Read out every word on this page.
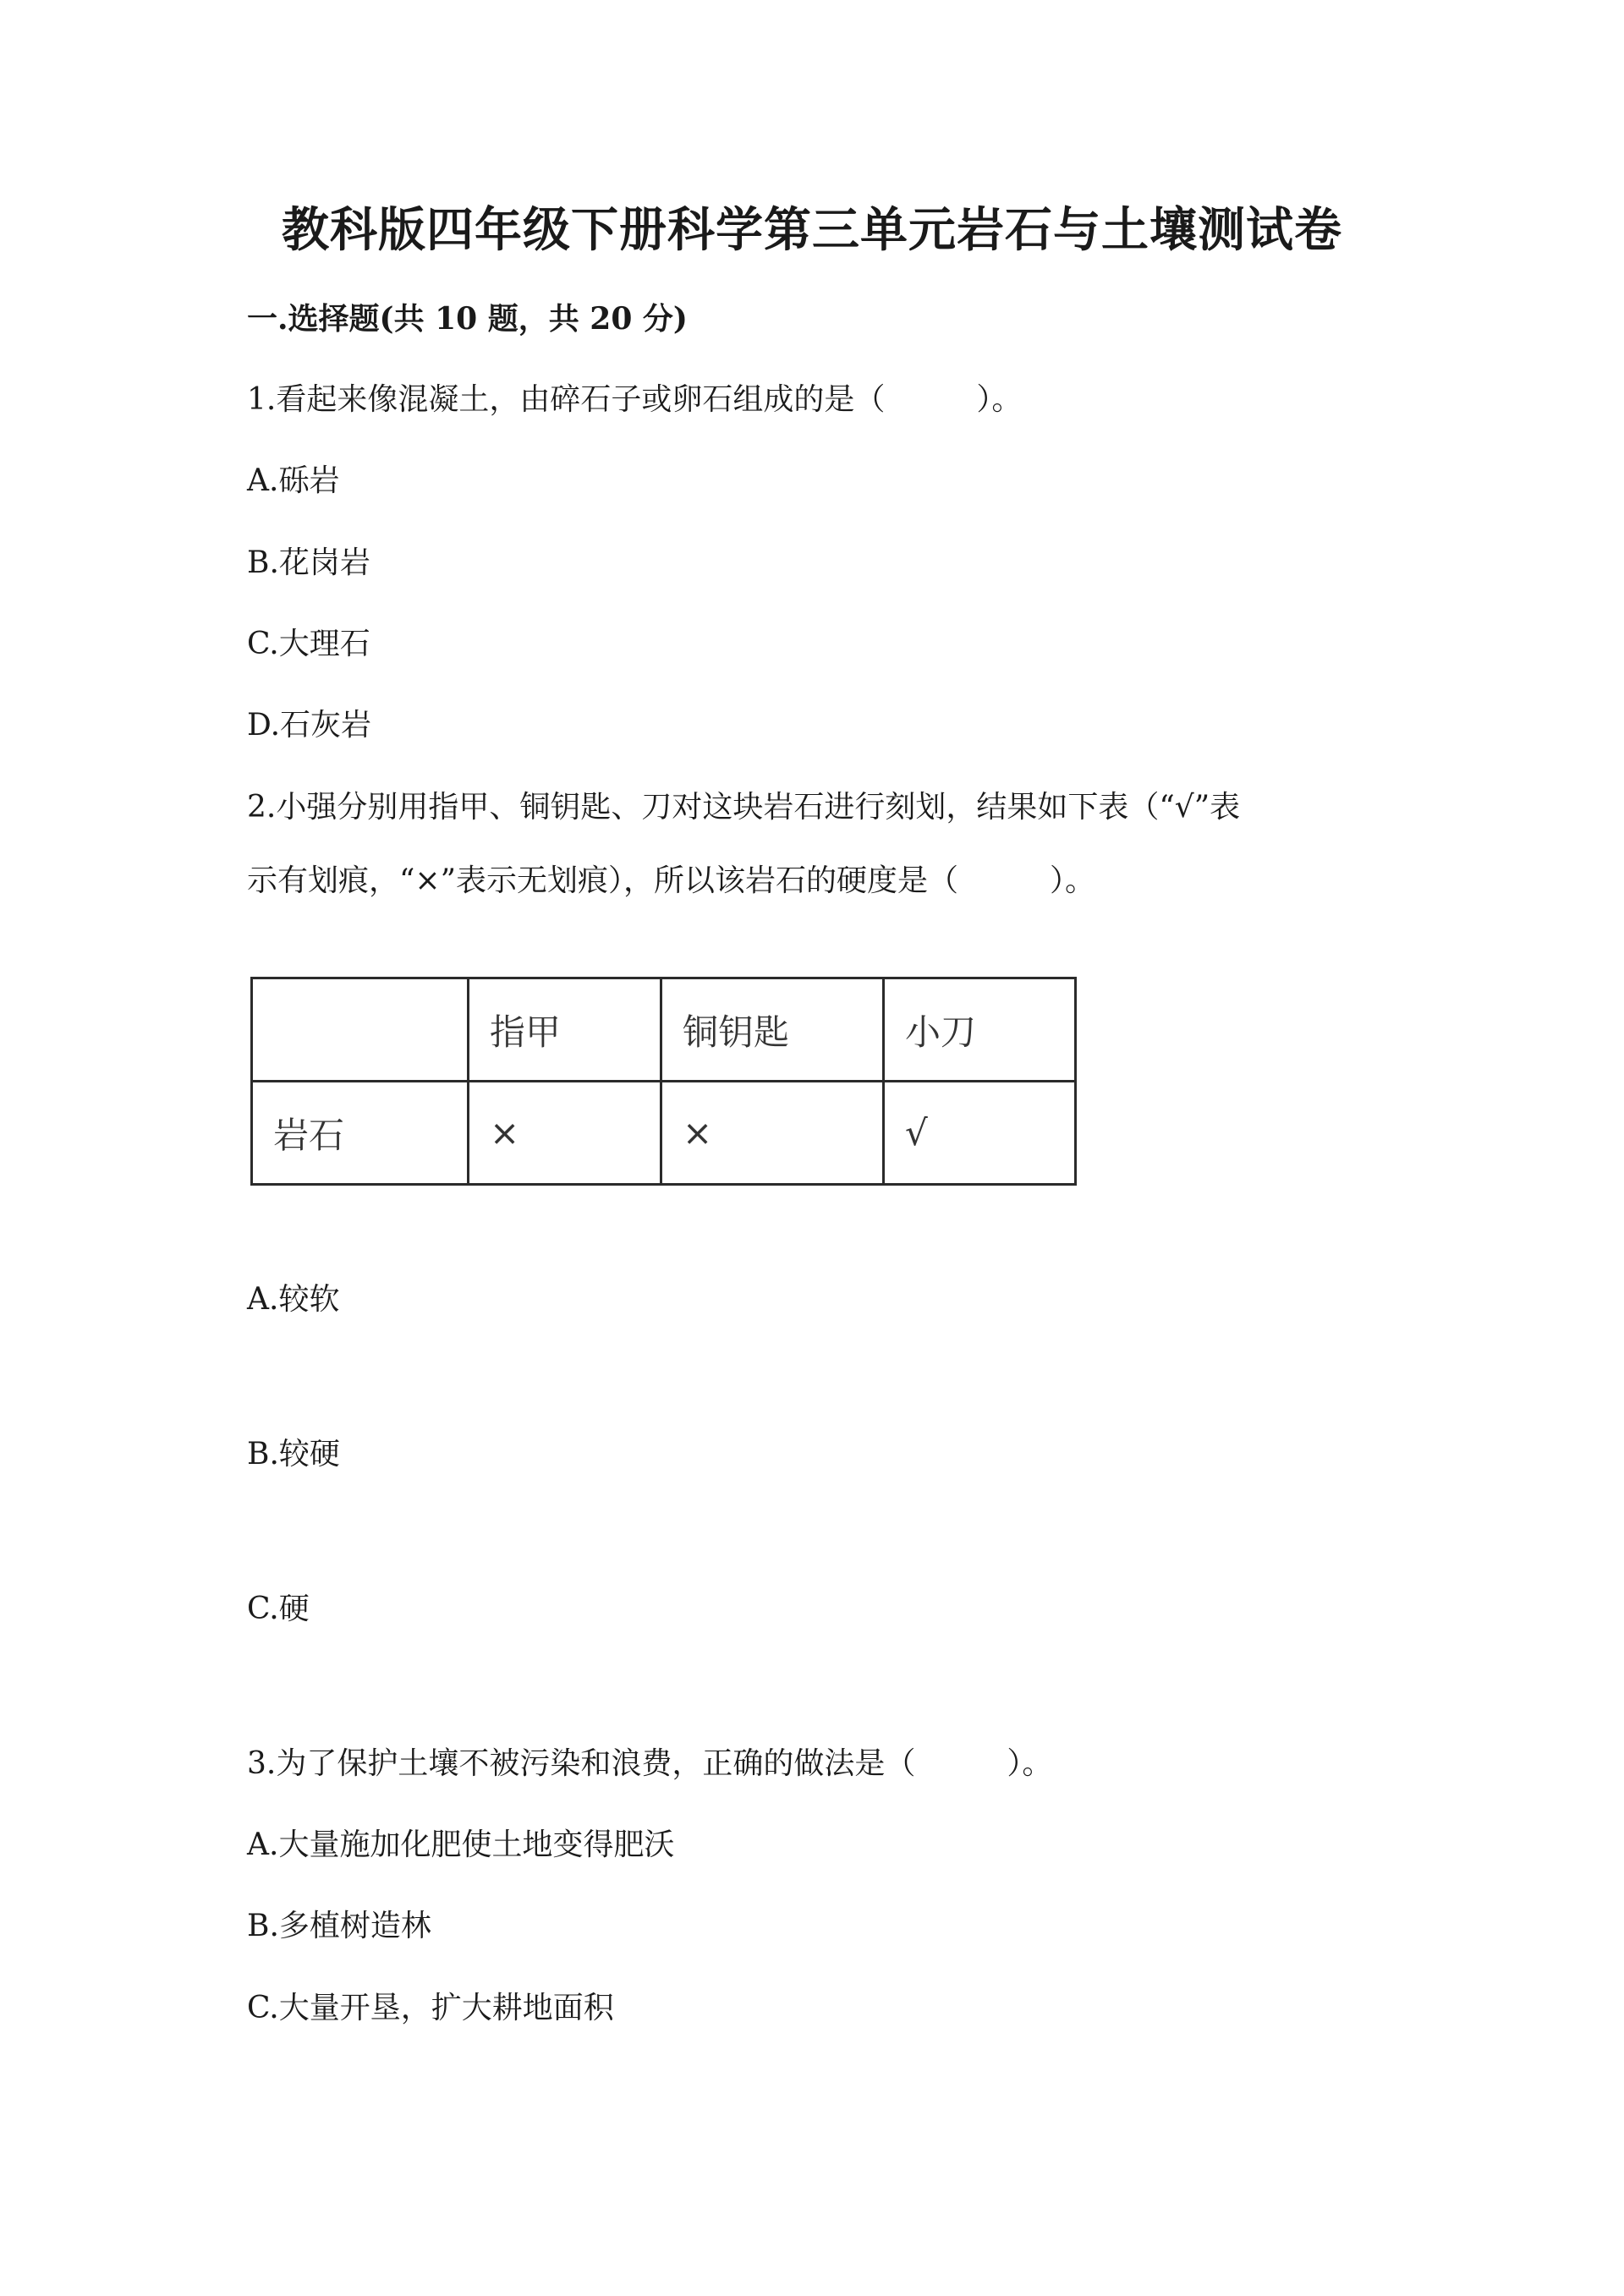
教科版四年级下册科学第三单元岩石与土壤测试卷
一.选择题(共 10 题，共 20 分)
1.看起来像混凝土，由碎石子或卵石组成的是（　　　）。
A.砾岩
B.花岗岩
C.大理石
D.石灰岩
2.小强分别用指甲、铜钥匙、刀对这块岩石进行刻划，结果如下表（“√”表
示有划痕，“×”表示无划痕），所以该岩石的硬度是（　　　）。
	指甲	铜钥匙	小刀
岩石	×	×	√
A.较软
B.较硬
C.硬
3.为了保护土壤不被污染和浪费，正确的做法是（　　　）。
A.大量施加化肥使土地变得肥沃
B.多植树造林
C.大量开垦，扩大耕地面积
